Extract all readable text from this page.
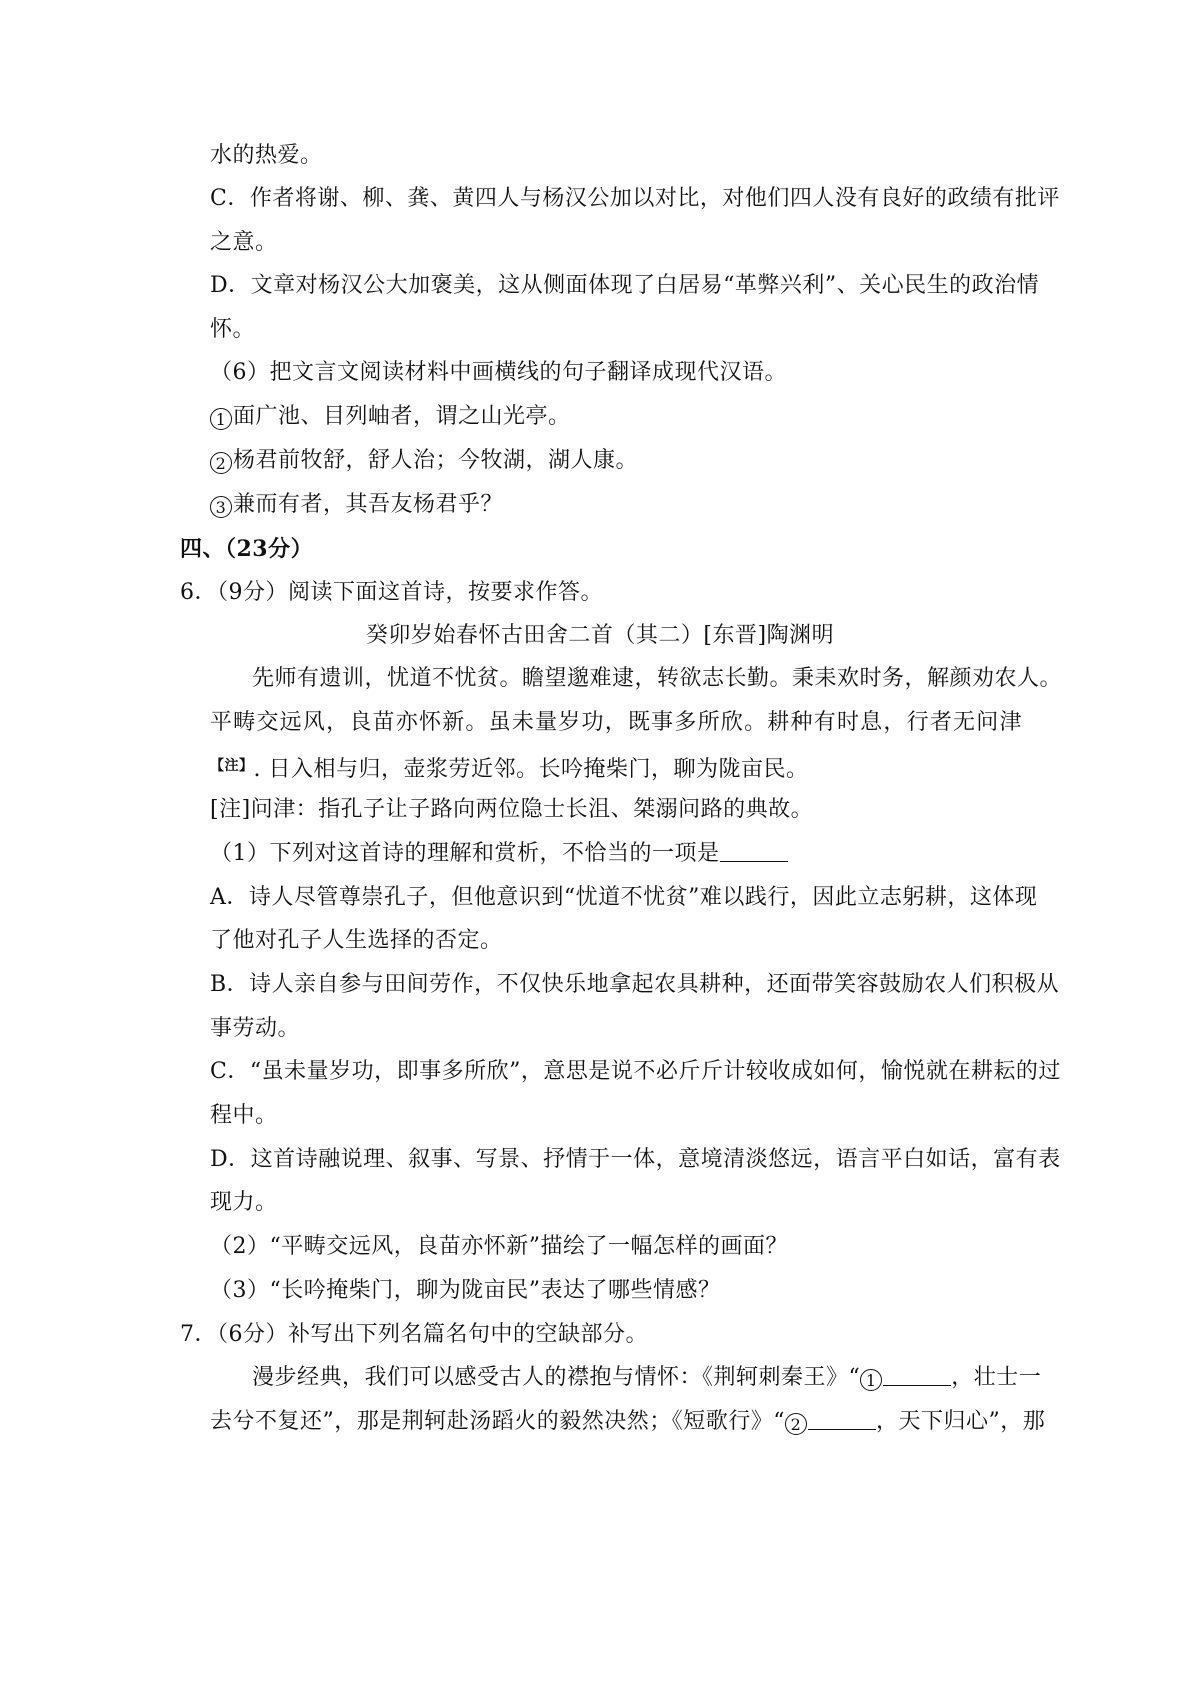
水的热爱。
C．作者将谢、柳、龚、黄四人与杨汉公加以对比，对他们四人没有良好的政绩有批评
之意。
D．文章对杨汉公大加褒美，这从侧面体现了白居易“革弊兴利”、关心民生的政治情
怀。
（6）把文言文阅读材料中画横线的句子翻译成现代汉语。
1 面广池、目列岫者，谓之山光亭。
2 杨君前牧舒，舒人治；今牧湖，湖人康。
3 兼而有者，其吾友杨君乎？
四、（23分）
6．（9分）阅读下面这首诗，按要求作答。
癸卯岁始春怀古田舍二首（其二）[东晋]陶渊明
先师有遗训，忧道不忧贫。瞻望邈难逮，转欲志长勤。秉耒欢时务，解颜劝农人。
平畴交远风，良苗亦怀新。虽未量岁功，既事多所欣。耕种有时息，行者无问津
$^{【注】}$. 日入相与归，壶浆劳近邻。长吟掩柴门，聊为陇亩民。
[注]问津：指孔子让子路向两位隐士长沮、桀溺问路的典故。
（1）下列对这首诗的理解和赏析，不恰当的一项是
A．诗人尽管尊崇孔子，但他意识到“忧道不忧贫”难以践行，因此立志躬耕，这体现
了他对孔子人生选择的否定。
B．诗人亲自参与田间劳作，不仅快乐地拿起农具耕种，还面带笑容鼓励农人们积极从
事劳动。
C．“虽未量岁功，即事多所欣”，意思是说不必斤斤计较收成如何，愉悦就在耕耘的过
程中。
D．这首诗融说理、叙事、写景、抒情于一体，意境清淡悠远，语言平白如话，富有表
现力。
（2）“平畴交远风，良苗亦怀新”描绘了一幅怎样的画面？
（3）“长吟掩柴门，聊为陇亩民”表达了哪些情感？
7．（6分）补写出下列名篇名句中的空缺部分。
漫步经典，我们可以感受古人的襟抱与情怀：《荆轲刺秦王》“ 1	，壮士一
去兮不复还”，那是荆轲赴汤蹈火的毅然决然；《短歌行》“ 2	，天下归心”，那
